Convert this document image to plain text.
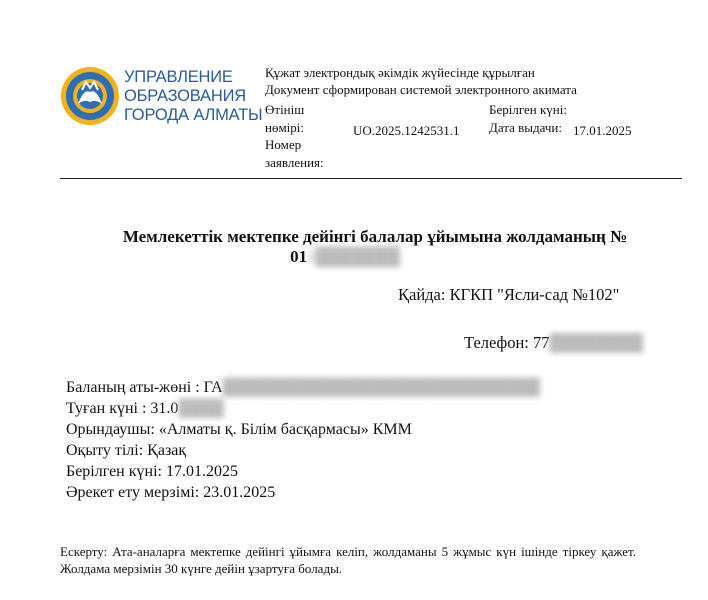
УПРАВЛЕНИЕ
ОБРАЗОВАНИЯ
ГОРОДА АЛМАТЫ
Құжат электрондық әкімдік жүйесінде құрылған
Документ сформирован системой электронного акимата
Өтініш нөмірі:
Номер заявления:
UO.2025.1242531.1
Берілген күні:
Дата выдачи: 17.01.2025
Мемлекеттік мектепке дейінгі балалар ұйымына жолдаманың №
012███████
Қайда: КГКП "Ясли-сад №102"
Телефон: 77████████
Баланың аты-жөні : ГА████████████████████████████
Туған күні : 31.0████
Орындаушы: «Алматы қ. Білім басқармасы» КММ
Оқыту тілі: Қазақ
Берілген күні: 17.01.2025
Әрекет ету мерзімі: 23.01.2025
Ескерту: Ата-аналарға мектепке дейінгі ұйымға келіп, жолдаманы 5 жұмыс күн ішінде тіркеу қажет. Жолдама мерзімін 30 күнге дейін ұзартуға болады.
